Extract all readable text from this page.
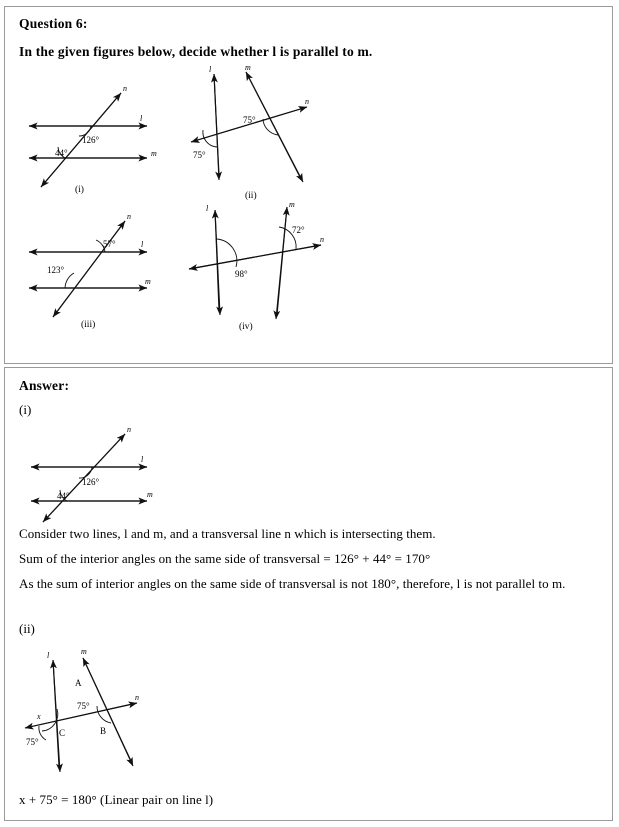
Question 6:
In the given figures below, decide whether l is parallel to m.
126°
44°
l
m
n
(i)
75°
75°
l	m
n
(ii)
57°
123°
l
m
n
(iii)
72°
98°
l	m
n
(iv)
Answer:
(i)
126°
44°
l
m
n
Consider two lines, l and m, and a transversal line n which is intersecting them.
Sum of the interior angles on the same side of transversal = 126° + 44° = 170°
As the sum of interior angles on the same side of transversal is not 180°, therefore, l is not parallel to m.
(ii)
75°
75°
x
A
B
C
l	m
n
x + 75° = 180° (Linear pair on line l)
